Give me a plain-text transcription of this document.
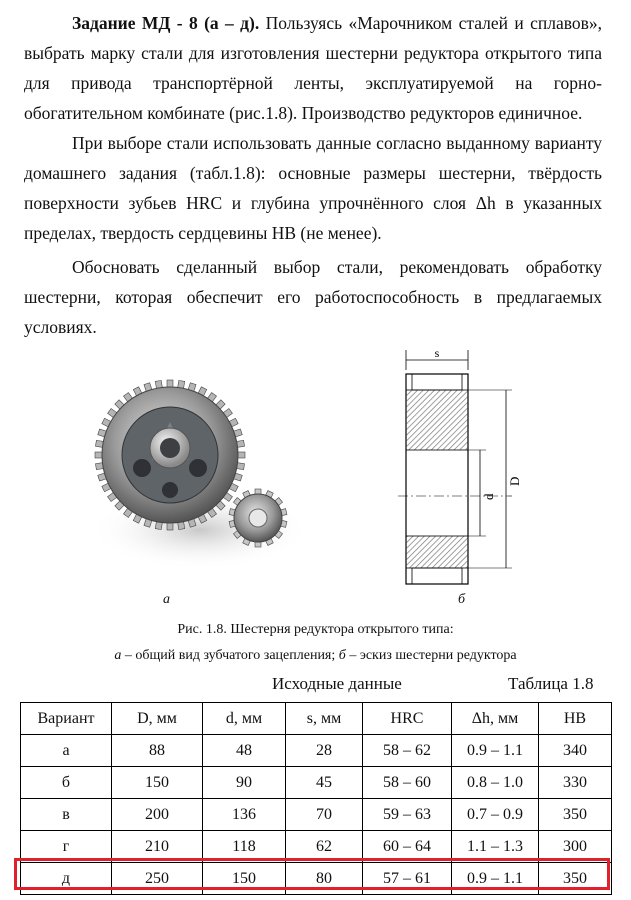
Задание МД - 8 (а – д). Пользуясь «Марочником сталей и сплавов», выбрать марку стали для изготовления шестерни редуктора открытого типа для привода транспортёрной ленты, эксплуатируемой на горно-обогатительном комбинате (рис.1.8). Производство редукторов единичное.
При выборе стали использовать данные согласно выданному варианту домашнего задания (табл.1.8): основные размеры шестерни, твёрдость поверхности зубьев HRC и глубина упрочнённого слоя Δh в указанных пределах, твердость сердцевины HB (не менее).
Обосновать сделанный выбор стали, рекомендовать обработку шестерни, которая обеспечит его работоспособность в предлагаемых условиях.
s
d
D
а	б
Рис. 1.8. Шестерня редуктора открытого типа:
а – общий вид зубчатого зацепления; б – эскиз шестерни редуктора
Исходные данные	Таблица 1.8
Вариант	D, мм	d, мм	s, мм	HRC	Δh, мм	HB
а	88	48	28	58 – 62	0.9 – 1.1	340
б	150	90	45	58 – 60	0.8 – 1.0	330
в	200	136	70	59 – 63	0.7 – 0.9	350
г	210	118	62	60 – 64	1.1 – 1.3	300
д	250	150	80	57 – 61	0.9 – 1.1	350
